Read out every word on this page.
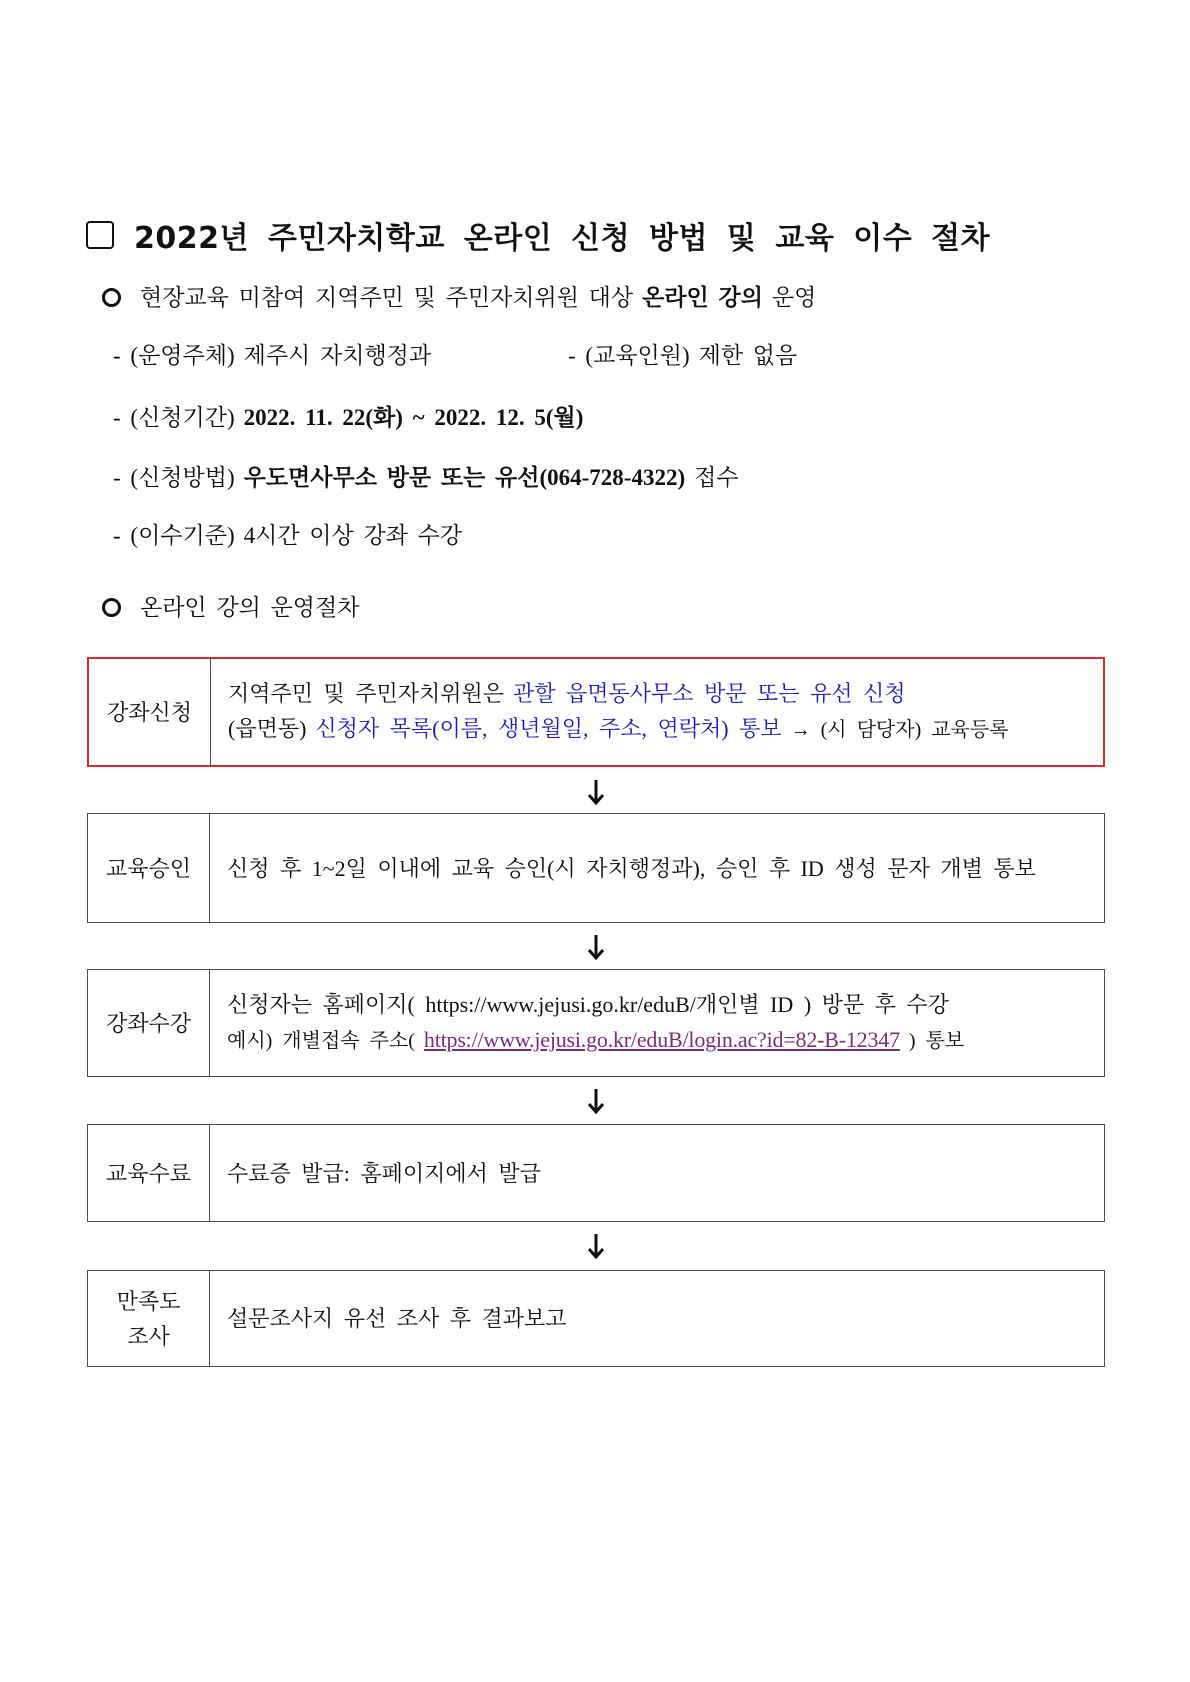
2022년 주민자치학교 온라인 신청 방법 및 교육 이수 절차
현장교육 미참여 지역주민 및 주민자치위원 대상 온라인 강의 운영
- (운영주체) 제주시 자치행정과	- (교육인원) 제한 없음
- (신청기간) 2022. 11. 22(화) ~ 2022. 12. 5(월)
- (신청방법) 우도면사무소 방문 또는 유선(064-728-4322) 접수
- (이수기준) 4시간 이상 강좌 수강
온라인 강의 운영절차
강좌신청
지역주민 및 주민자치위원은 관할 읍면동사무소 방문 또는 유선 신청
(읍면동) 신청자 목록(이름, 생년월일, 주소, 연락처) 통보 → (시 담당자) 교육등록
교육승인 신청 후 1~2일 이내에 교육 승인(시 자치행정과), 승인 후 ID 생성 문자 개별 통보
강좌수강
신청자는 홈페이지( https://www.jejusi.go.kr/eduB/개인별 ID ) 방문 후 수강
예시) 개별접속 주소( https://www.jejusi.go.kr/eduB/login.ac?id=82-B-12347 ) 통보
교육수료 수료증 발급: 홈페이지에서 발급
만족도
조사
설문조사지 유선 조사 후 결과보고
